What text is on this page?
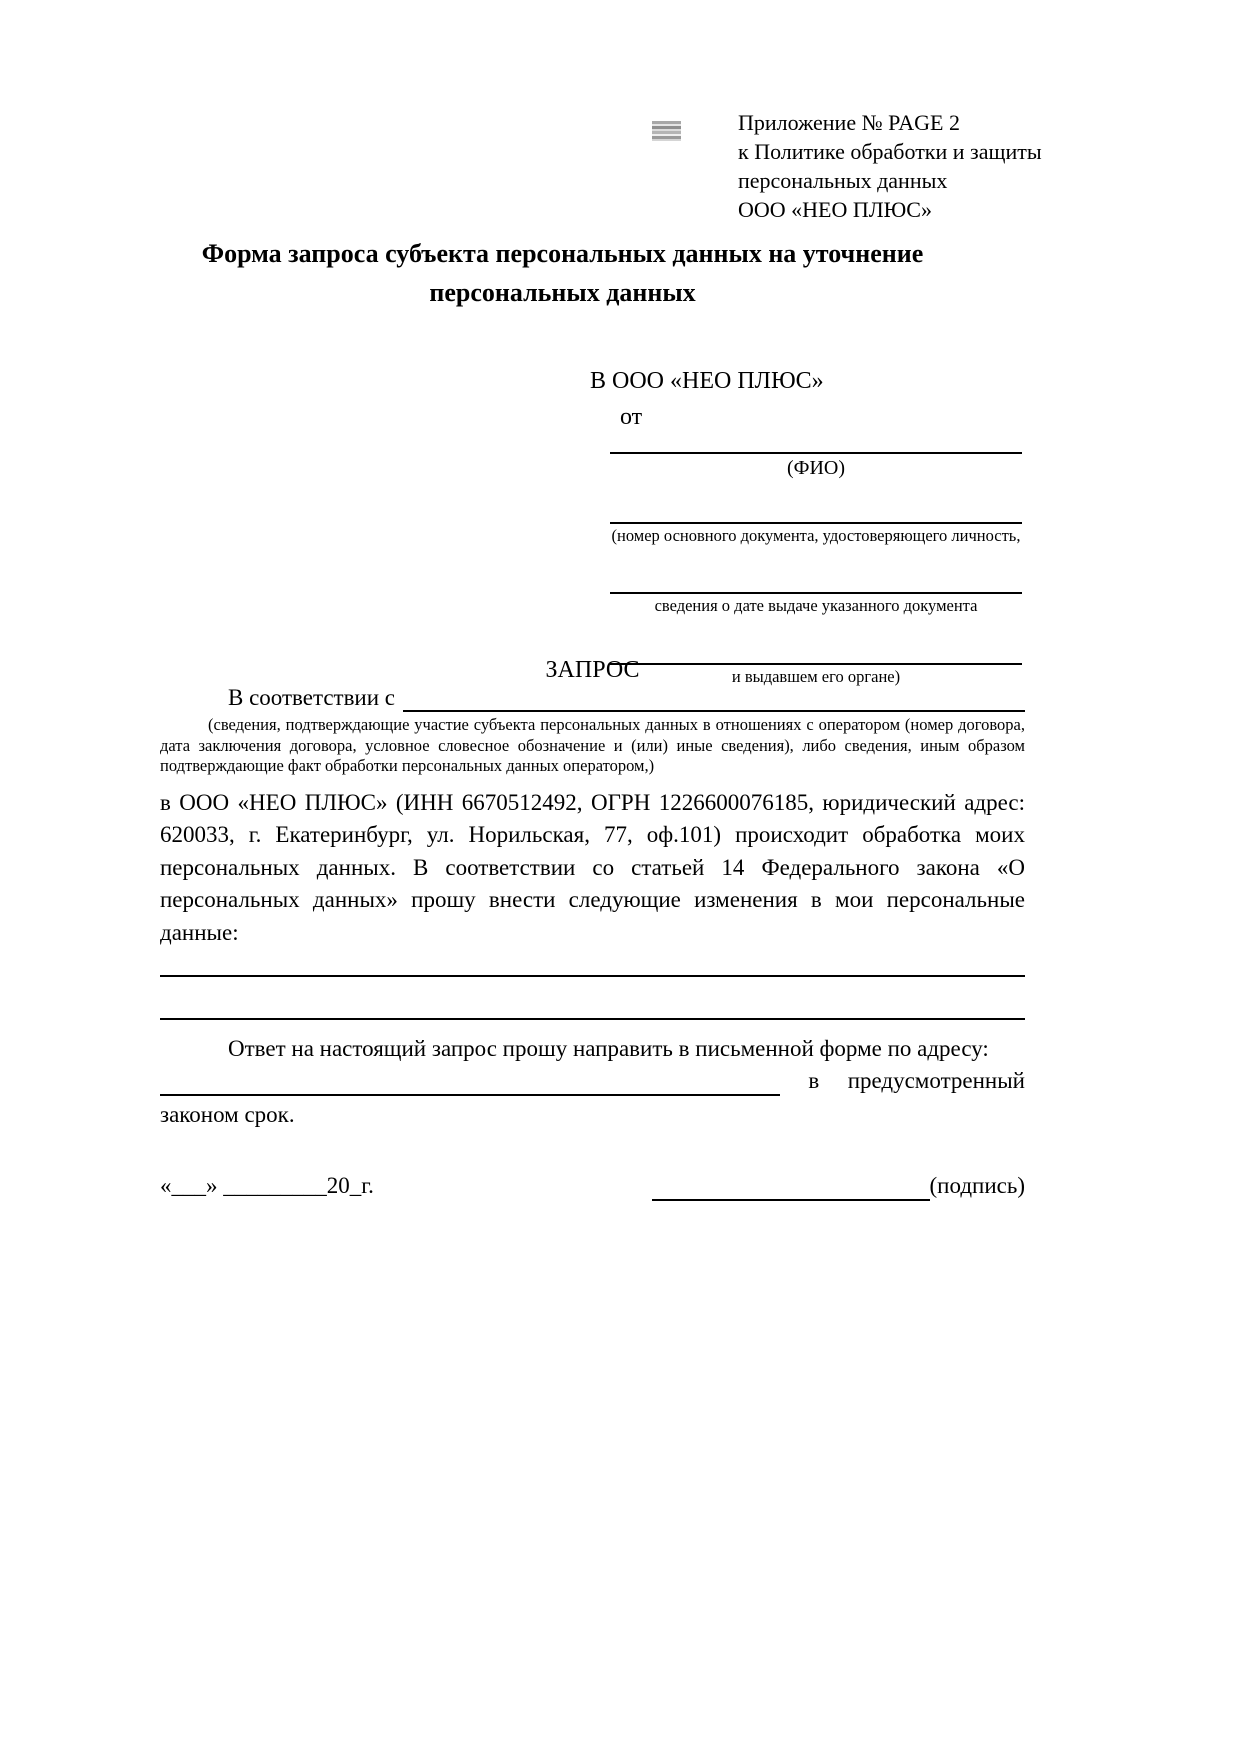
Приложение № PAGE 2
к Политике обработки и защиты
персональных данных
ООО «НЕО ПЛЮС»
Форма запроса субъекта персональных данных на уточнение персональных данных
В ООО «НЕО ПЛЮС»
от
(ФИО)
(номер основного документа, удостоверяющего личность,
сведения о дате выдаче указанного документа
и выдавшем его органе)
ЗАПРОС
В соответствии с
(сведения, подтверждающие участие субъекта персональных данных в отношениях с оператором (номер договора, дата заключения договора, условное словесное обозначение и (или) иные сведения), либо сведения, иным образом подтверждающие факт обработки персональных данных оператором,)
в ООО «НЕО ПЛЮС» (ИНН 6670512492, ОГРН 1226600076185, юридический адрес: 620033, г. Екатеринбург, ул. Норильская, 77, оф.101) происходит обработка моих персональных данных. В соответствии со статьей 14 Федерального закона «О персональных данных» прошу внести следующие изменения в мои персональные данные:
Ответ на настоящий запрос прошу направить в письменной форме по адресу:
в	предусмотренный
законом срок.
«___» _________20_г.	(подпись)
